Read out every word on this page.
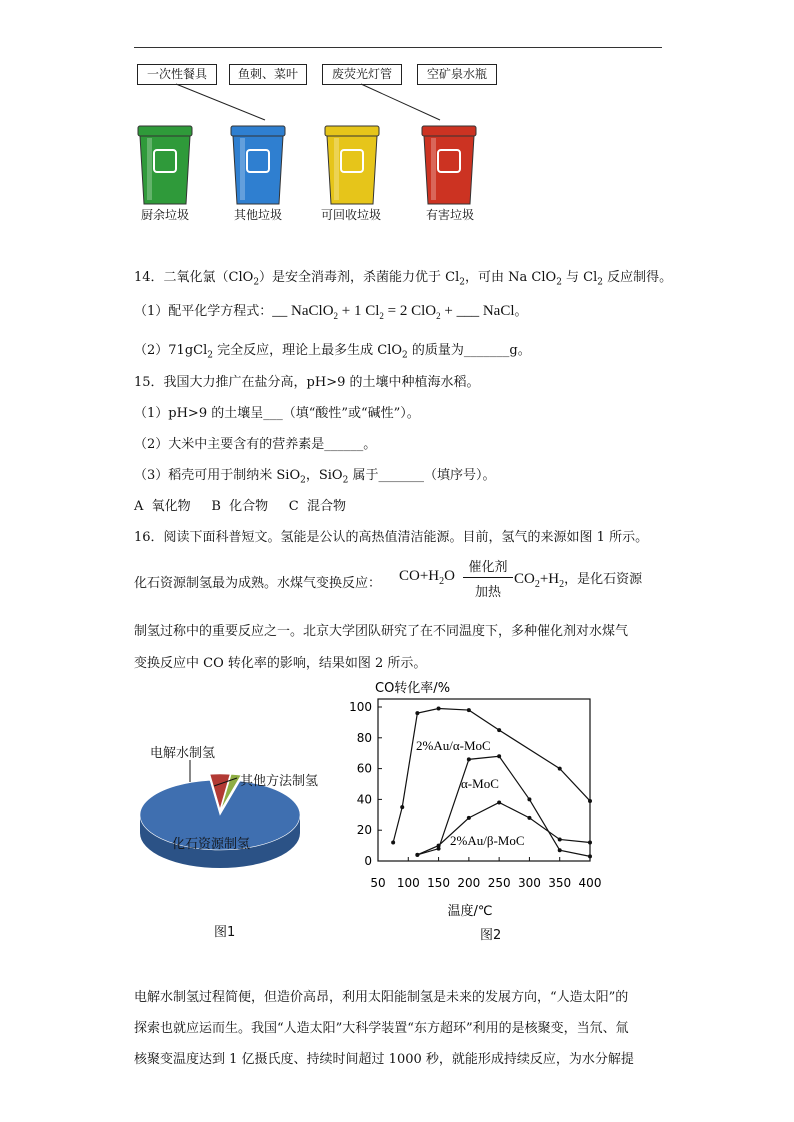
一次性餐具	鱼刺、菜叶	废荧光灯管	空矿泉水瓶
厨余垃圾	其他垃圾	可回收垃圾	有害垃圾
14．二氧化氯（ClO$_2$）是安全消毒剂，杀菌能力优于 $Cl_2$，可由 Na ClO$_2$ 与 $Cl_2$ 反应制得。
（1）配平化学方程式：__ NaClO$_2$ + 1 $Cl_2 = 2$ ClO$_2$ + ___ NaCl。
（2）71gCl$_2$ 完全反应，理论上最多生成 ClO$_2$ 的质量为_______g。
15．我国大力推广在盐分高，pH>9 的土壤中种植海水稻。
（1）pH>9 的土壤呈___（填“酸性”或“碱性”）。
（2）大米中主要含有的营养素是______。
（3）稻壳可用于制纳米 SiO$_2$，SiO$_2$ 属于_______（填序号）。
A  氧化物     B  化合物     C  混合物
16．阅读下面科普短文。氢能是公认的高热值清洁能源。目前，氢气的来源如图 1 所示。
化石资源制氢最为成熟。水煤气变换反应： $CO+H_2O$
催化剂
加热
$CO_2+H_2$，是化石资源
制氢过称中的重要反应之一。北京大学团队研究了在不同温度下，多种催化剂对水煤气
变换反应中 CO 转化率的影响，结果如图 2 所示。
电解水制氢
其他方法制氢
化石资源制氢
图1
CO转化率/%
温度/℃
50 100 150 200 250 300 350 400
0
20
40
60
80
100
2%Au/α-MoC
α-MoC
2%Au/β-MoC
图2
电解水制氢过程简便，但造价高昂，利用太阳能制氢是未来的发展方向，“人造太阳”的
探索也就应运而生。我国“人造太阳”大科学装置“东方超环”利用的是核聚变，当氘、氚
核聚变温度达到 1 亿摄氏度、持续时间超过 1000 秒，就能形成持续反应，为水分解提
